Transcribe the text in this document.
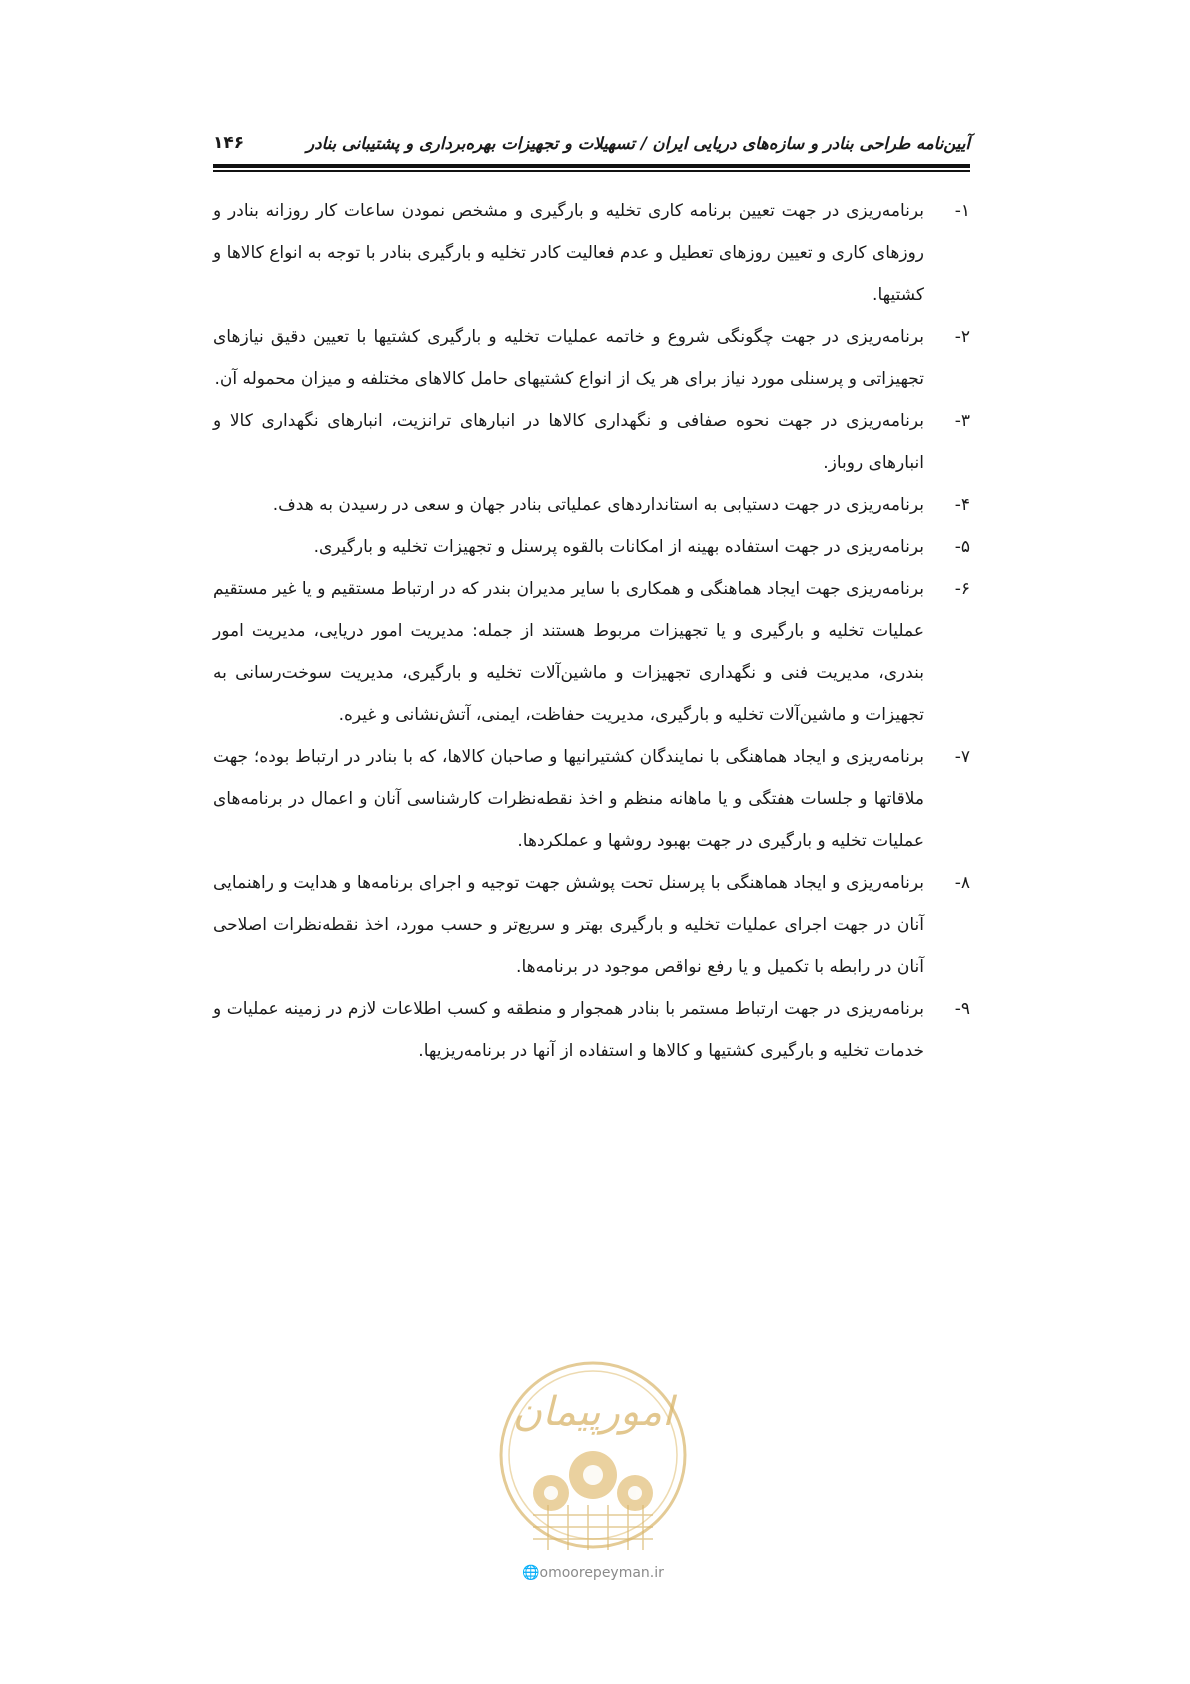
آیین‌نامه طراحی بنادر و سازه‌های دریایی ایران / تسهیلات و تجهیزات بهره‌برداری و پشتیبانی بنادر
۱۴۶
۱-
برنامه‌ریزی در جهت تعیین برنامه کاری تخلیه و بارگیری و مشخص نمودن ساعات کار روزانه بنادر و روزهای کاری و تعیین روزهای تعطیل و عدم فعالیت کادر تخلیه و بارگیری بنادر با توجه به انواع کالاها و کشتیها.
۲-
برنامه‌ریزی در جهت چگونگی شروع و خاتمه عملیات تخلیه و بارگیری کشتیها با تعیین دقیق نیازهای تجهیزاتی و پرسنلی مورد نیاز برای هر یک از انواع کشتیهای حامل کالاهای مختلفه و میزان محموله آن.
۳-
برنامه‌ریزی در جهت نحوه صفافی و نگهداری کالاها در انبارهای ترانزیت، انبارهای نگهداری کالا و انبارهای روباز.
۴-
برنامه‌ریزی در جهت دستیابی به استانداردهای عملیاتی بنادر جهان و سعی در رسیدن به هدف.
۵-
برنامه‌ریزی در جهت استفاده بهینه از امکانات بالقوه پرسنل و تجهیزات تخلیه و بارگیری.
۶-
برنامه‌ریزی جهت ایجاد هماهنگی و همکاری با سایر مدیران بندر که در ارتباط مستقیم و یا غیر مستقیم عملیات تخلیه و بارگیری و یا تجهیزات مربوط هستند از جمله: مدیریت امور دریایی، مدیریت امور بندری، مدیریت فنی و نگهداری تجهیزات و ماشین‌آلات تخلیه و بارگیری، مدیریت سوخت‌رسانی به تجهیزات و ماشین‌آلات تخلیه و بارگیری، مدیریت حفاظت، ایمنی، آتش‌نشانی و غیره.
۷-
برنامه‌ریزی و ایجاد هماهنگی با نمایندگان کشتیرانیها و صاحبان کالاها، که با بنادر در ارتباط بوده؛ جهت ملاقاتها و جلسات هفتگی و یا ماهانه منظم و اخذ نقطه‌نظرات کارشناسی آنان و اعمال در برنامه‌های عملیات تخلیه و بارگیری در جهت بهبود روشها و عملکردها.
۸-
برنامه‌ریزی و ایجاد هماهنگی با پرسنل تحت پوشش جهت توجیه و اجرای برنامه‌ها و هدایت و راهنمایی آنان در جهت اجرای عملیات تخلیه و بارگیری بهتر و سریع‌تر و حسب مورد، اخذ نقطه‌نظرات اصلاحی آنان در رابطه با تکمیل و یا رفع نواقص موجود در برنامه‌ها.
۹-
برنامه‌ریزی در جهت ارتباط مستمر با بنادر همجوار و منطقه و کسب اطلاعات لازم در زمینه عملیات و خدمات تخلیه و بارگیری کشتیها و کالاها و استفاده از آنها در برنامه‌ریزیها.
امورپیمان
🌐omoorepeyman.ir
